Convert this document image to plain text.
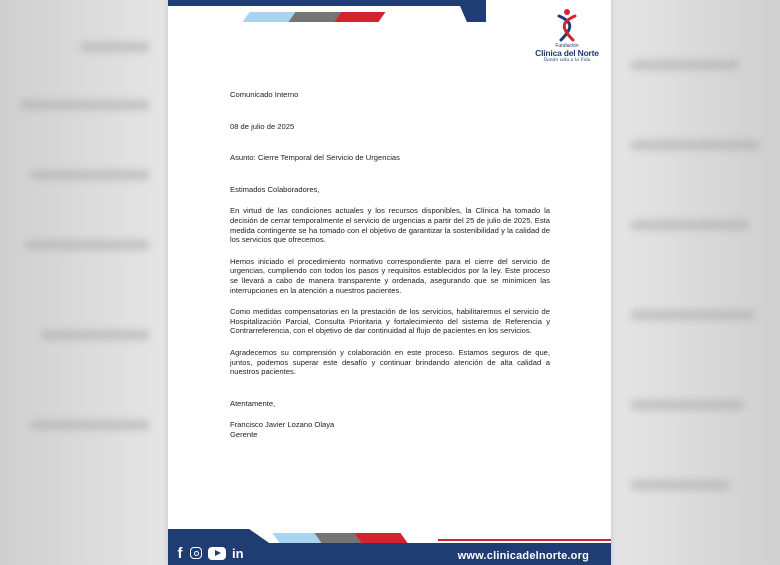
Fundación
Clínica del Norte
Dando vida a la Vida

Comunicado Interno

08 de julio de 2025

Asunto: Cierre Temporal del Servicio de Urgencias

Estimados Colaboradores,

En virtud de las condiciones actuales y los recursos disponibles, la Clínica ha tomado la decisión de cerrar temporalmente el servicio de urgencias a partir del 25 de julio de 2025. Esta medida contingente se ha tomado con el objetivo de garantizar la sostenibilidad y la calidad de los servicios que ofrecemos.

Hemos iniciado el procedimiento normativo correspondiente para el cierre del servicio de urgencias, cumpliendo con todos los pasos y requisitos establecidos por la ley. Este proceso se llevará a cabo de manera transparente y ordenada, asegurando que se minimicen las interrupciones en la atención a nuestros pacientes.

Como medidas compensatorias en la prestación de los servicios, habilitaremos el servicio de Hospitalización Parcial, Consulta Prioritaria y fortalecimiento del sistema de Referencia y Contrarreferencia, con el objetivo de dar continuidad al flujo de pacientes en los servicios.

Agradecemos su comprensión y colaboración en este proceso. Estamos seguros de que, juntos, podemos superar este desafío y continuar brindando atención de alta calidad a nuestros pacientes.

Atentamente,

Francisco Javier Lozano Olaya

Gerente

f	in	www.clinicadelnorte.org
